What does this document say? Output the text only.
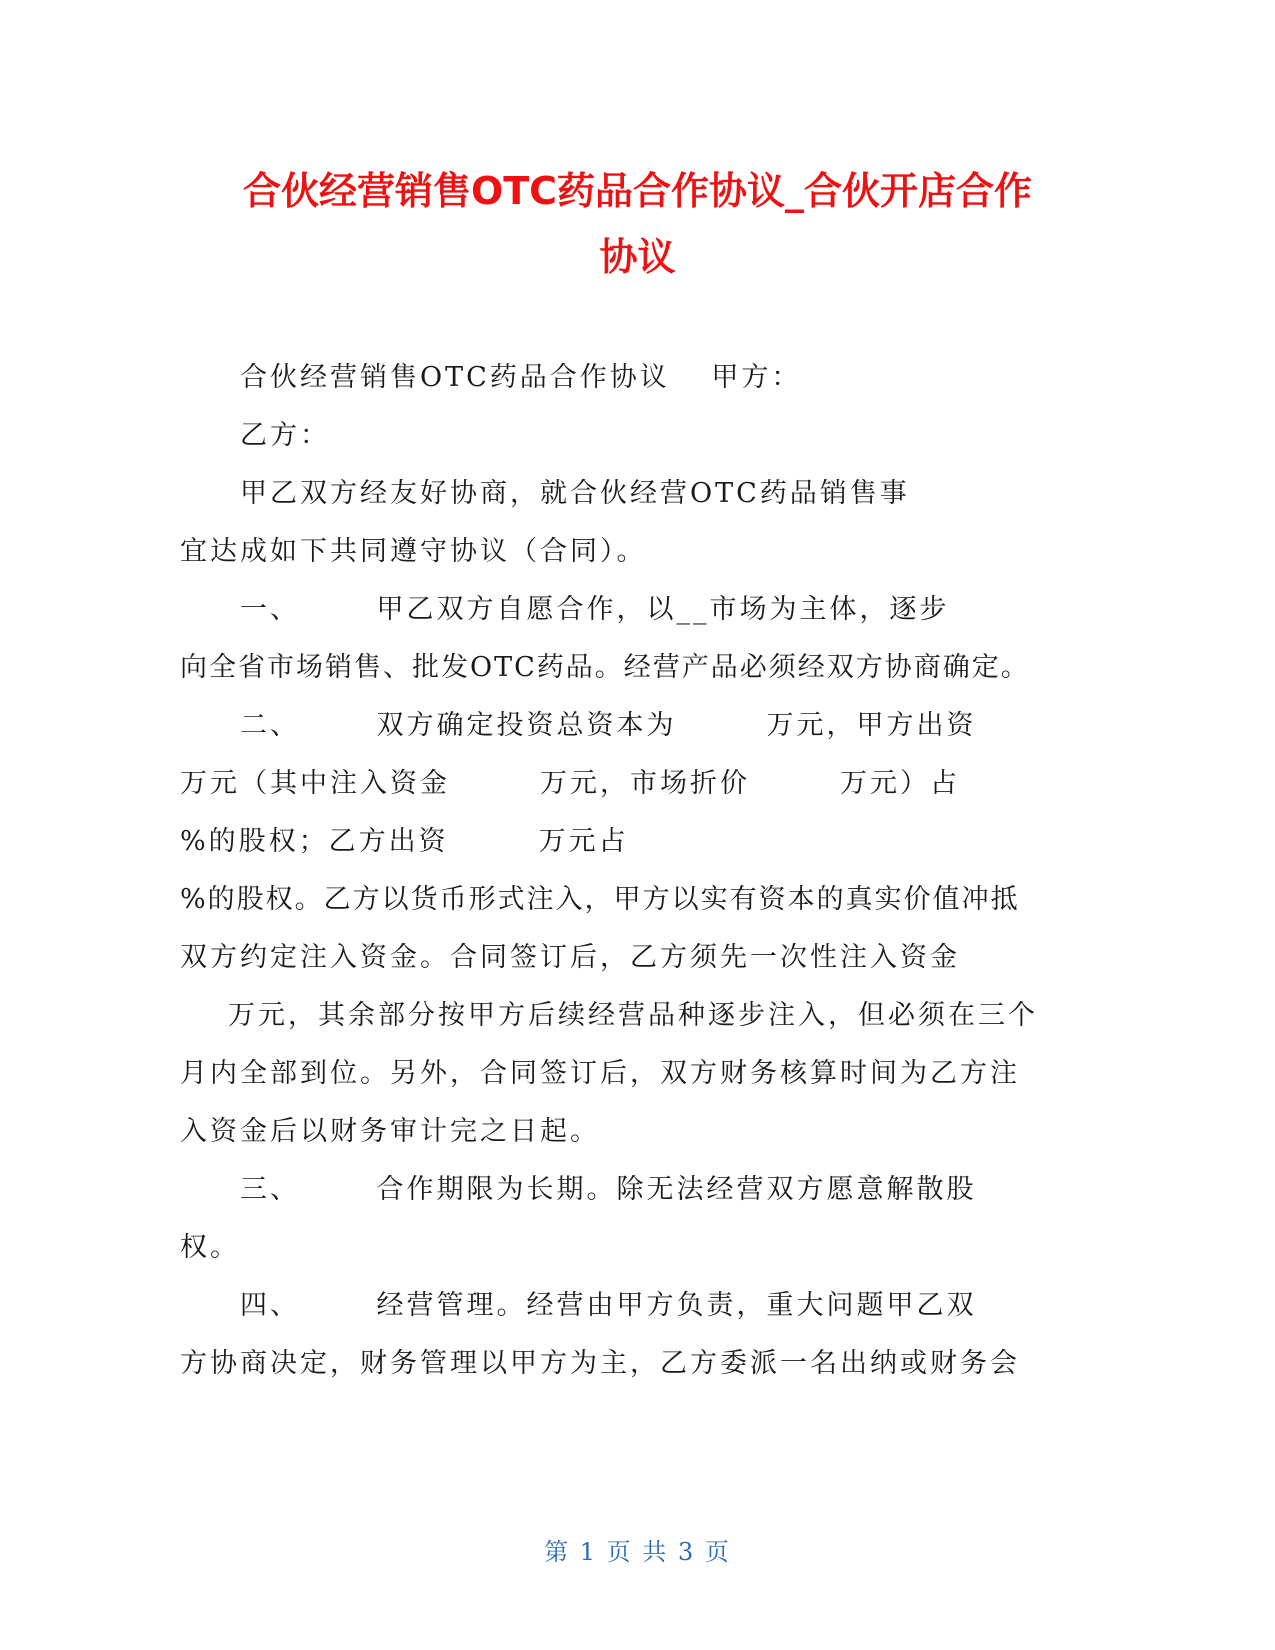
合伙经营销售OTC药品合作协议_合伙开店合作
协议
合伙经营销售OTC药品合作协议　 甲方：
乙方：
甲乙双方经友好协商，就合伙经营OTC药品销售事
宜达成如下共同遵守协议（合同）。
一、　　　甲乙双方自愿合作，以__市场为主体，逐步
向全省市场销售、批发OTC药品。经营产品必须经双方协商确定。
二、　　　双方确定投资总资本为　　　万元，甲方出资
万元（其中注入资金　　　万元，市场折价　　　万元）占
%的股权；乙方出资　　　万元占
%的股权。乙方以货币形式注入，甲方以实有资本的真实价值冲抵
双方约定注入资金。合同签订后，乙方须先一次性注入资金
　万元，其余部分按甲方后续经营品种逐步注入，但必须在三个
月内全部到位。另外，合同签订后，双方财务核算时间为乙方注
入资金后以财务审计完之日起。
三、　　　合作期限为长期。除无法经营双方愿意解散股
权。
四、　　　经营管理。经营由甲方负责，重大问题甲乙双
方协商决定，财务管理以甲方为主，乙方委派一名出纳或财务会
第 1 页 共 3 页
